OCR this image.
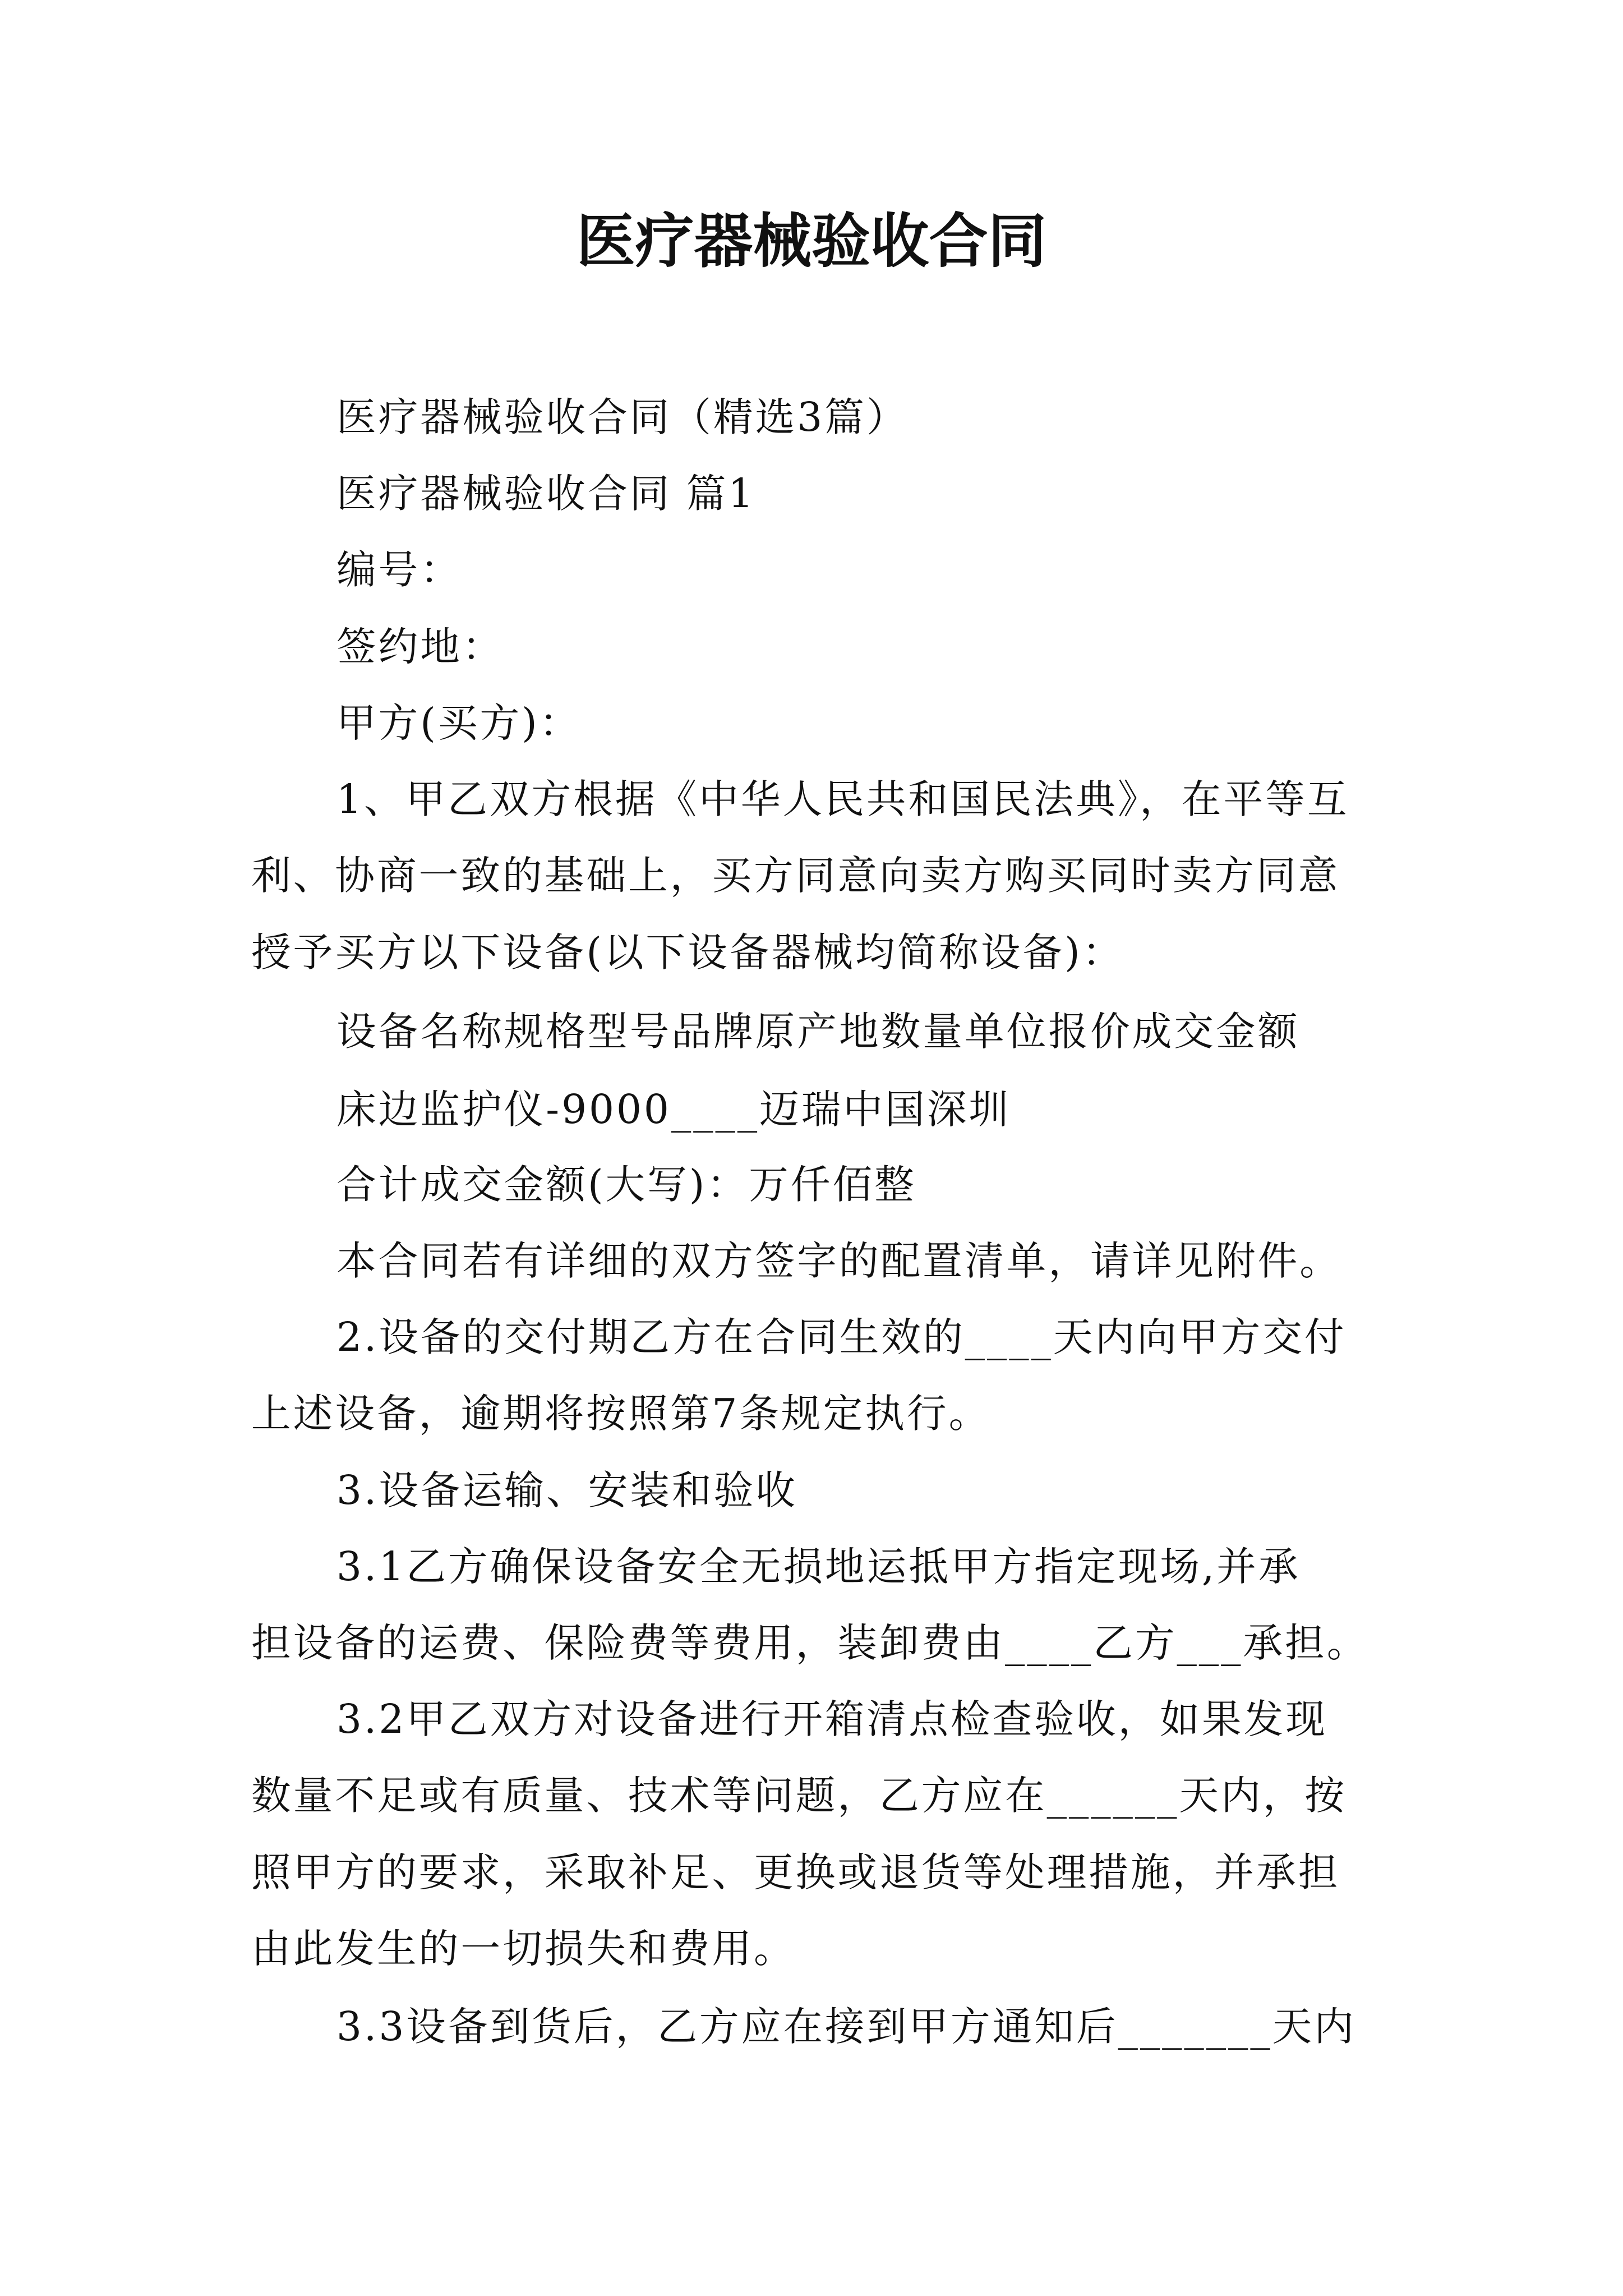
医疗器械验收合同
医疗器械验收合同（精选3篇）
医疗器械验收合同 篇1
编号：
签约地：
甲方(买方)：
1、甲乙双方根据《中华人民共和国民法典》，在平等互
利、协商一致的基础上，买方同意向卖方购买同时卖方同意
授予买方以下设备(以下设备器械均简称设备)：
设备名称规格型号品牌原产地数量单位报价成交金额
床边监护仪-9000____迈瑞中国深圳
合计成交金额(大写)：万仟佰整
本合同若有详细的双方签字的配置清单，请详见附件。
2.设备的交付期乙方在合同生效的____天内向甲方交付
上述设备，逾期将按照第7条规定执行。
3.设备运输、安装和验收
3.1乙方确保设备安全无损地运抵甲方指定现场,并承
担设备的运费、保险费等费用，装卸费由____乙方___承担。
3.2甲乙双方对设备进行开箱清点检查验收，如果发现
数量不足或有质量、技术等问题，乙方应在______天内，按
照甲方的要求，采取补足、更换或退货等处理措施，并承担
由此发生的一切损失和费用。
3.3设备到货后，乙方应在接到甲方通知后_______天内
